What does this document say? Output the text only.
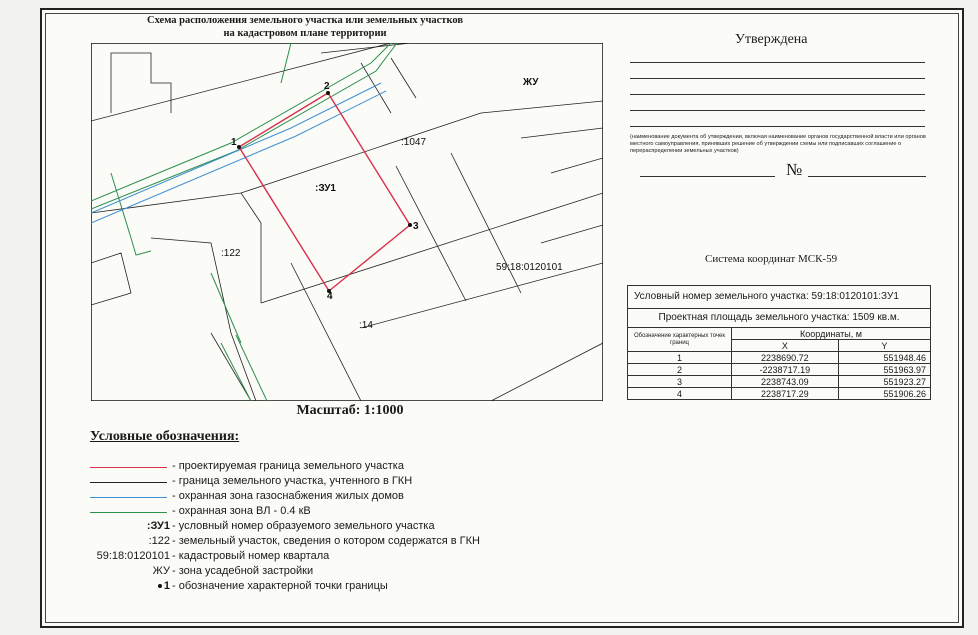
Схема расположения земельного участка или земельных участков
на кадастровом плане территории
1
2
3
4
ЖУ
:1047
:ЗУ1
:122
59:18:0120101
:14
Масштаб: 1:1000
Утверждена
(наименование документа об утверждении, включая наименование органов государственной власти или органов местного самоуправления, принявших решение об утверждении схемы или подписавших соглашение о перераспределении земельных участков)
№
Система координат МСК-59
Условный номер земельного участка: 59:18:0120101:ЗУ1		
Проектная площадь земельного участка: 1509 кв.м.		
Обозначение характерных точек границ	Координаты, м	
	X	Y
1	2238690.72	551948.46
2	-2238717.19	551963.97
3	2238743.09	551923.27
4	2238717.29	551906.26
Условные обозначения:
- проектируемая граница земельного участка
- граница земельного участка, учтенного в ГКН
- охранная зона газоснабжения жилых домов
- охранная зона ВЛ - 0.4 кВ
:ЗУ1 - условный номер образуемого земельного участка
:122 - земельный участок, сведения о котором содержатся в ГКН
59:18:0120101 - кадастровый номер квартала
ЖУ - зона усадебной застройки
1 - обозначение характерной точки границы
